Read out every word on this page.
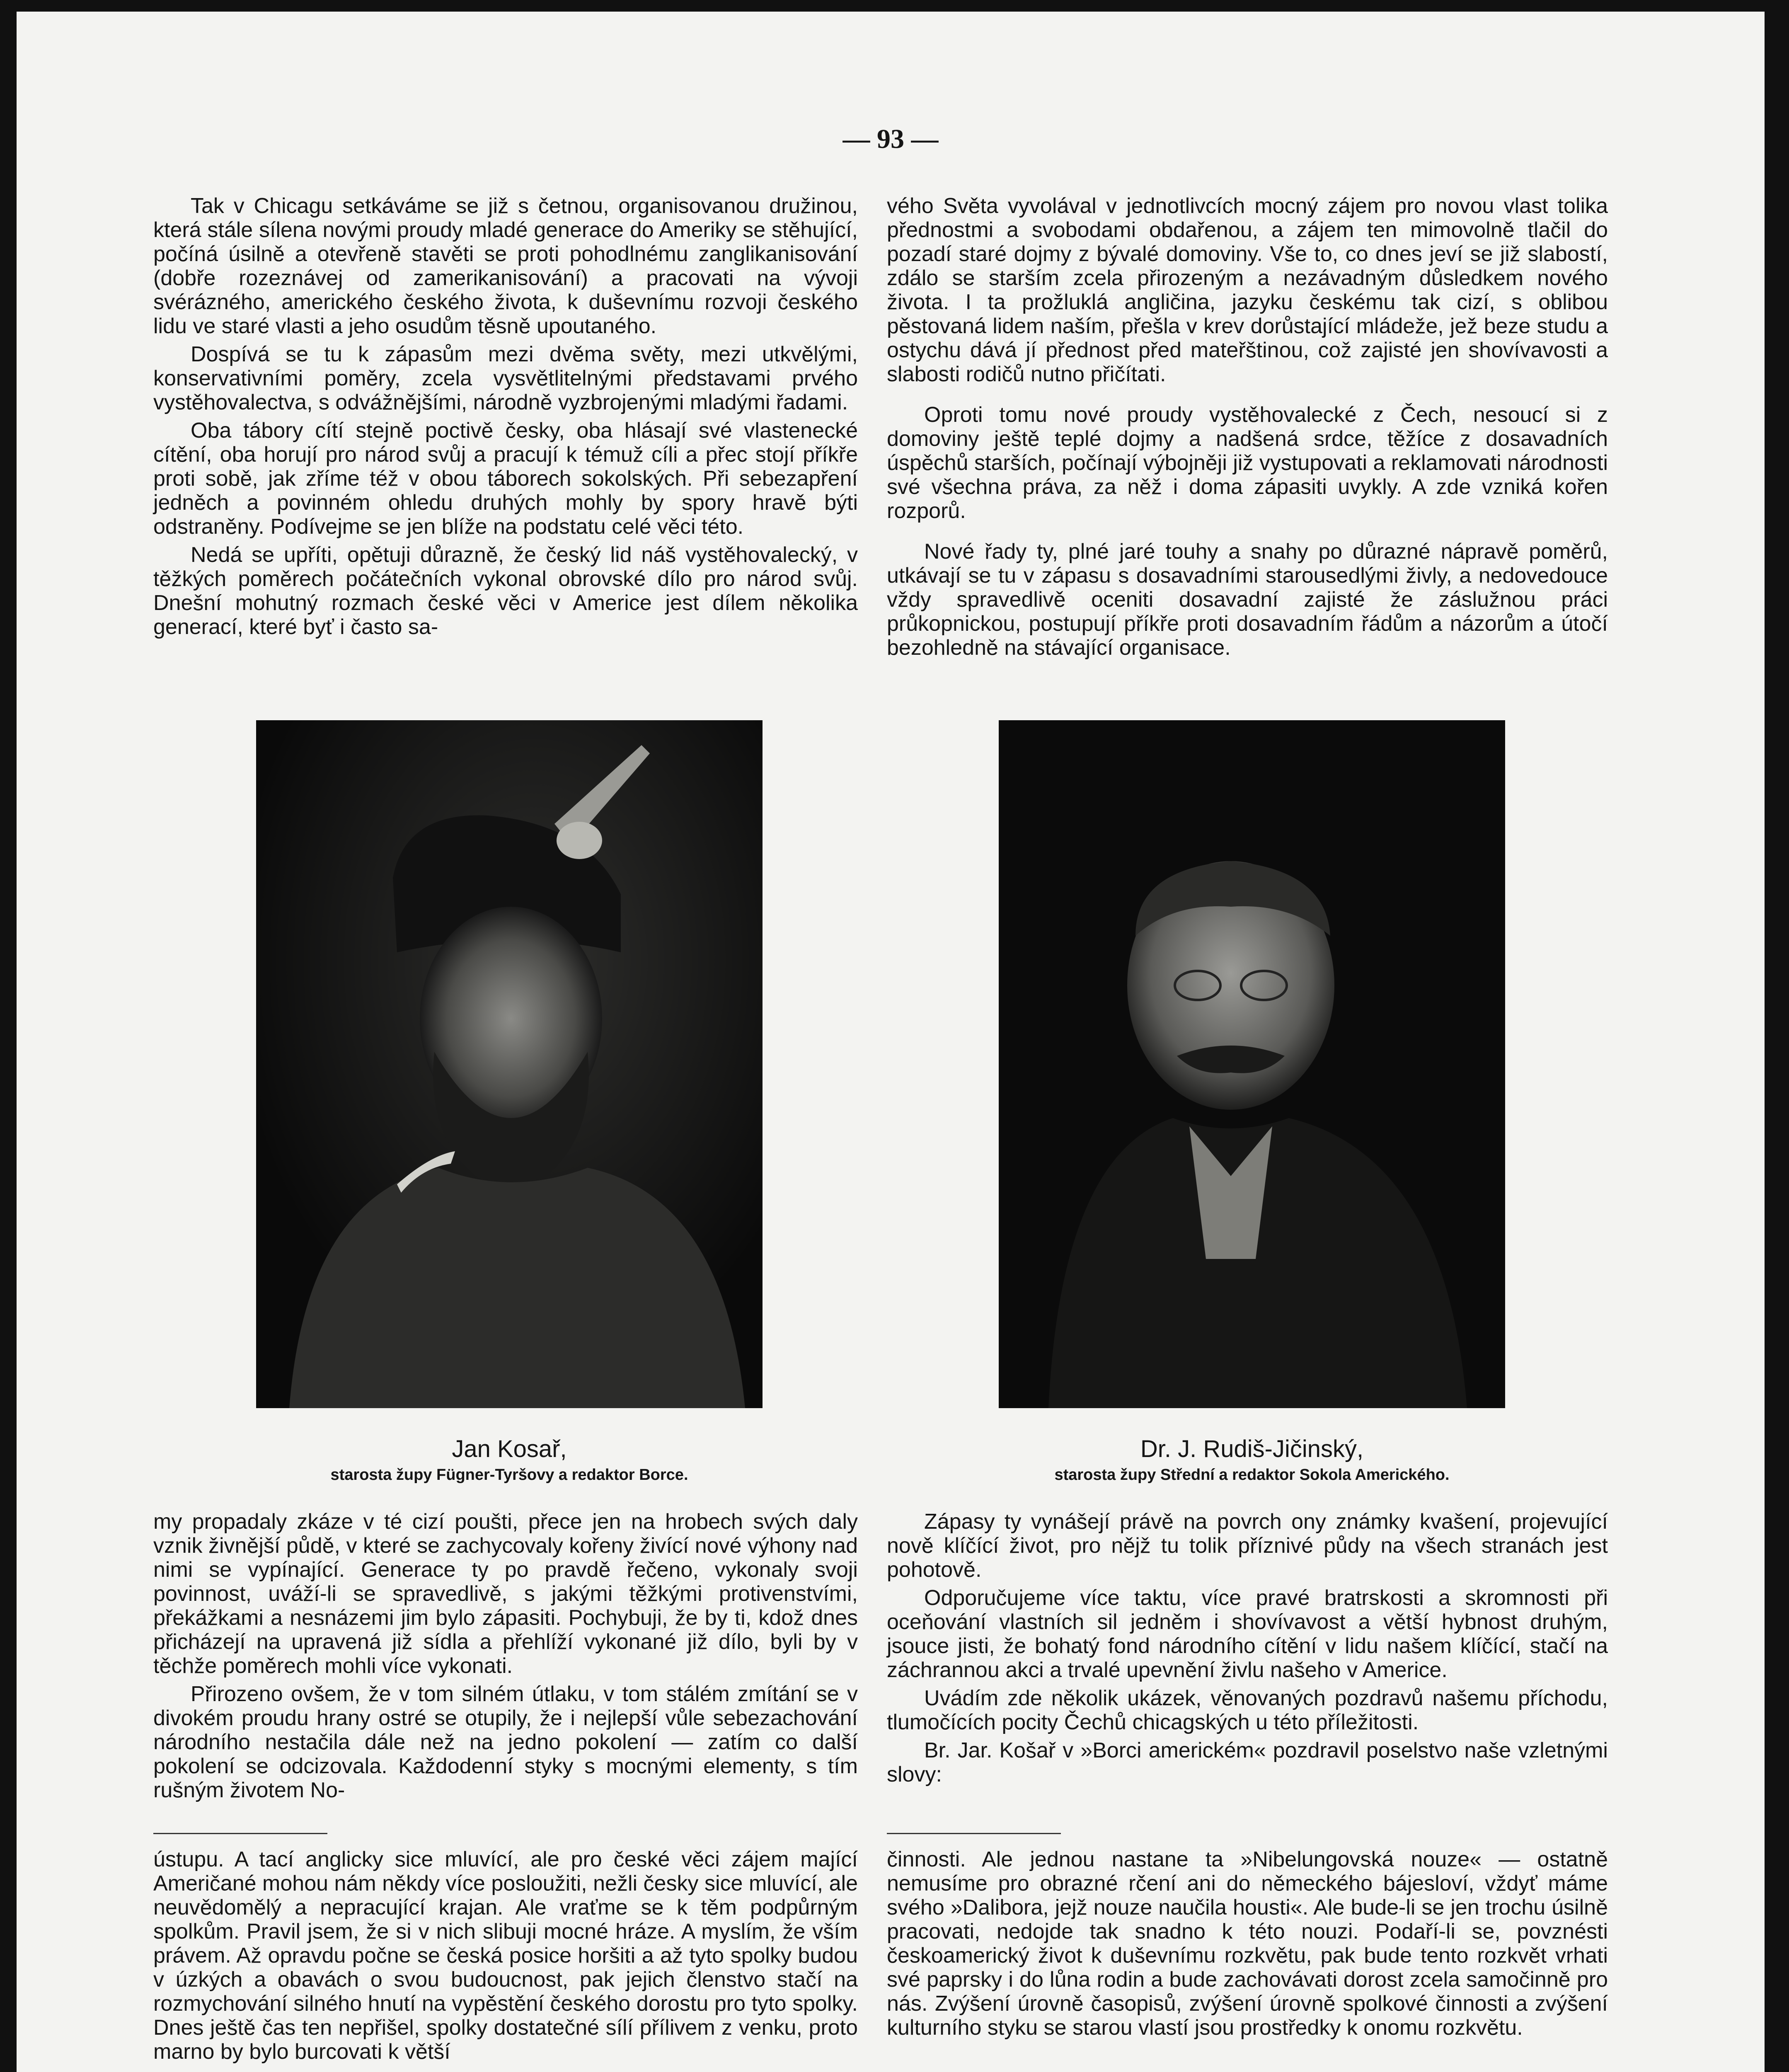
— 93 —

Tak v Chicagu setkáváme se již s četnou, organisovanou družinou, která stále sílena novými proudy mladé generace do Ameriky se stěhující, počíná úsilně a otevřeně stavěti se proti pohodlnému zanglikanisování (dobře rozeznávej od zamerikanisování) a pracovati na vývoji svérázného, amerického českého života, k duševnímu rozvoji českého lidu ve staré vlasti a jeho osudům těsně upoutaného.

Dospívá se tu k zápasům mezi dvěma světy, mezi utkvělými, konservativními poměry, zcela vysvětlitelnými představami prvého vystěhovalectva, s odvážnějšími, národně vyzbrojenými mladými řadami.

Oba tábory cítí stejně poctivě česky, oba hlásají své vlastenecké cítění, oba horují pro národ svůj a pracují k témuž cíli a přec stojí příkře proti sobě, jak zříme též v obou táborech sokolských. Při sebezapření jedněch a povinném ohledu druhých mohly by spory hravě býti odstraněny. Podívejme se jen blíže na podstatu celé věci této.

Nedá se upříti, opětuji důrazně, že český lid náš vystěhovalecký, v těžkých poměrech počátečních vykonal obrovské dílo pro národ svůj. Dnešní mohutný rozmach české věci v Americe jest dílem několika generací, které byť i často sa-

vého Světa vyvolával v jednotlivcích mocný zájem pro novou vlast tolika přednostmi a svobodami obdařenou, a zájem ten mimovolně tlačil do pozadí staré dojmy z bývalé domoviny. Vše to, co dnes jeví se již slabostí, zdálo se starším zcela přirozeným a nezávadným důsledkem nového života. I ta prožluklá angličina, jazyku českému tak cizí, s oblibou pěstovaná lidem naším, přešla v krev dorůstající mládeže, jež beze studu a ostychu dává jí přednost před mateřštinou, což zajisté jen shovívavosti a slabosti rodičů nutno přičítati.

Oproti tomu nové proudy vystěhovalecké z Čech, nesoucí si z domoviny ještě teplé dojmy a nadšená srdce, těžíce z dosavadních úspěchů starších, počínají výbojněji již vystupovati a reklamovati národnosti své všechna práva, za něž i doma zápasiti uvykly. A zde vzniká kořen rozporů.

Nové řady ty, plné jaré touhy a snahy po důrazné nápravě poměrů, utkávají se tu v zápasu s dosavadními starousedlými živly, a nedovedouce vždy spravedlivě oceniti dosavadní zajisté že záslužnou práci průkopnickou, postupují příkře proti dosavadním řádům a názorům a útočí bezohledně na stávající organisace.

Jan Kosař,
starosta župy Fügner-Tyršovy a redaktor Borce.
Dr. J. Rudiš-Jičinský,
starosta župy Střední a redaktor Sokola Amerického.

my propadaly zkáze v té cizí poušti, přece jen na hrobech svých daly vznik živnější půdě, v které se zachycovaly kořeny živící nové výhony nad nimi se vypínající. Generace ty po pravdě řečeno, vykonaly svoji povinnost, uváží-li se spravedlivě, s jakými těžkými protivenstvími, překážkami a nesnázemi jim bylo zápasiti. Pochybuji, že by ti, kdož dnes přicházejí na upravená již sídla a přehlíží vykonané již dílo, byli by v těchže poměrech mohli více vykonati.

Přirozeno ovšem, že v tom silném útlaku, v tom stálém zmítání se v divokém proudu hrany ostré se otupily, že i nejlepší vůle sebezachování národního nestačila dále než na jedno pokolení — zatím co další pokolení se odcizovala. Každodenní styky s mocnými elementy, s tím rušným životem No-

Zápasy ty vynášejí právě na povrch ony známky kvašení, projevující nově klíčící život, pro nějž tu tolik příznivé půdy na všech stranách jest pohotově.

Odporučujeme více taktu, více pravé bratrskosti a skromnosti při oceňování vlastních sil jedněm i shovívavost a větší hybnost druhým, jsouce jisti, že bohatý fond národního cítění v lidu našem klíčící, stačí na záchrannou akci a trvalé upevnění živlu našeho v Americe.

Uvádím zde několik ukázek, věnovaných pozdravů našemu příchodu, tlumočících pocity Čechů chicagských u této příležitosti.

Br. Jar. Košař v »Borci americkém« pozdravil poselstvo naše vzletnými slovy:

ústupu. A tací anglicky sice mluvící, ale pro české věci zájem mající Američané mohou nám někdy více posloužiti, nežli česky sice mluvící, ale neuvědomělý a nepracující krajan. Ale vraťme se k těm podpůrným spolkům. Pravil jsem, že si v nich slibuji mocné hráze. A myslím, že vším právem. Až opravdu počne se česká posice horšiti a až tyto spolky budou v úzkých a obavách o svou budoucnost, pak jejich členstvo stačí na rozmychování silného hnutí na vypěstění českého dorostu pro tyto spolky. Dnes ještě čas ten nepřišel, spolky dostatečné sílí přílivem z venku, proto marno by bylo burcovati k větší

činnosti. Ale jednou nastane ta »Nibelungovská nouze« — ostatně nemusíme pro obrazné rčení ani do německého bájesloví, vždyť máme svého »Dalibora, jejž nouze naučila housti«. Ale bude-li se jen trochu úsilně pracovati, nedojde tak snadno k této nouzi. Podaří-li se, povznésti českoamerický život k duševnímu rozkvětu, pak bude tento rozkvět vrhati své paprsky i do lůna rodin a bude zachovávati dorost zcela samočinně pro nás. Zvýšení úrovně časopisů, zvýšení úrovně spolkové činnosti a zvýšení kulturního styku se starou vlastí jsou prostředky k onomu rozkvětu.
